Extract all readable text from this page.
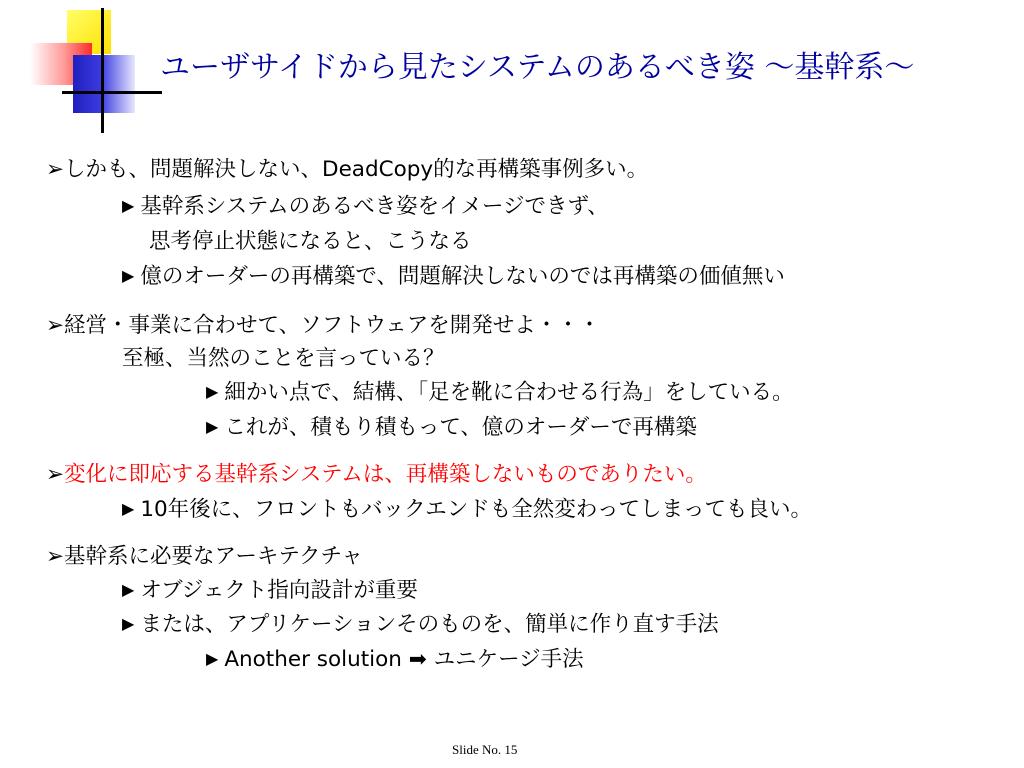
ユーザサイドから見たシステムのあるべき姿 ～基幹系～
➢しかも、問題解決しない、DeadCopy的な再構築事例多い。
▶ 基幹系システムのあるべき姿をイメージできず、
思考停止状態になると、こうなる
▶ 億のオーダーの再構築で、問題解決しないのでは再構築の価値無い
➢経営・事業に合わせて、ソフトウェアを開発せよ・・・
至極、当然のことを言っている？
▶ 細かい点で、結構、「足を靴に合わせる行為」をしている。
▶ これが、積もり積もって、億のオーダーで再構築
➢変化に即応する基幹系システムは、再構築しないものでありたい。
▶ 10年後に、フロントもバックエンドも全然変わってしまっても良い。
➢基幹系に必要なアーキテクチャ
▶ オブジェクト指向設計が重要
▶ または、アプリケーションそのものを、簡単に作り直す手法
▶ Another solution ➡ ユニケージ手法
Slide No. 15
